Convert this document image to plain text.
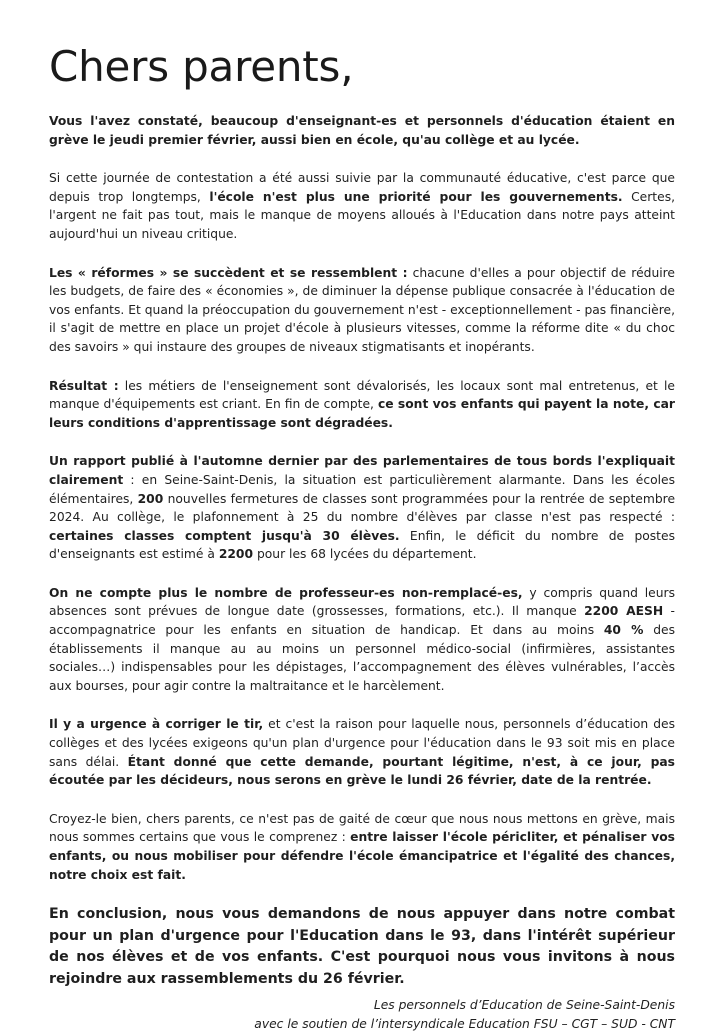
Chers parents,

Vous l'avez constaté, beaucoup d'enseignant-es et personnels d'éducation étaient en grève le jeudi premier février, aussi bien en école, qu'au collège et au lycée.

Si cette journée de contestation a été aussi suivie par la communauté éducative, c'est parce que depuis trop longtemps, l'école n'est plus une priorité pour les gouvernements. Certes, l'argent ne fait pas tout, mais le manque de moyens alloués à l'Education dans notre pays atteint aujourd'hui un niveau critique.

Les « réformes » se succèdent et se ressemblent : chacune d'elles a pour objectif de réduire les budgets, de faire des « économies », de diminuer la dépense publique consacrée à l'éducation de vos enfants. Et quand la préoccupation du gouvernement n'est - exceptionnellement - pas financière, il s'agit de mettre en place un projet d'école à plusieurs vitesses, comme la réforme dite « du choc des savoirs » qui instaure des groupes de niveaux stigmatisants et inopérants.

Résultat : les métiers de l'enseignement sont dévalorisés, les locaux sont mal entretenus, et le manque d'équipements est criant. En fin de compte, ce sont vos enfants qui payent la note, car leurs conditions d'apprentissage sont dégradées.

Un rapport publié à l'automne dernier par des parlementaires de tous bords l'expliquait clairement : en Seine-Saint-Denis, la situation est particulièrement alarmante. Dans les écoles élémentaires, 200 nouvelles fermetures de classes sont programmées pour la rentrée de septembre 2024. Au collège, le plafonnement à 25 du nombre d'élèves par classe n'est pas respecté : certaines classes comptent jusqu'à 30 élèves. Enfin, le déficit du nombre de postes d'enseignants est estimé à 2200 pour les 68 lycées du département.

On ne compte plus le nombre de professeur-es non-remplacé-es, y compris quand leurs absences sont prévues de longue date (grossesses, formations, etc.). Il manque 2200 AESH - accompagnatrice pour les enfants en situation de handicap. Et dans au moins 40 % des établissements il manque au au moins un personnel médico-social (infirmières, assistantes sociales…) indispensables pour les dépistages, l’accompagnement des élèves vulnérables, l’accès aux bourses, pour agir contre la maltraitance et le harcèlement.

Il y a urgence à corriger le tir, et c'est la raison pour laquelle nous, personnels d’éducation des collèges et des lycées exigeons qu'un plan d'urgence pour l'éducation dans le 93 soit mis en place sans délai. Étant donné que cette demande, pourtant légitime, n'est, à ce jour, pas écoutée par les décideurs, nous serons en grève le lundi 26 février, date de la rentrée.

Croyez-le bien, chers parents, ce n'est pas de gaité de cœur que nous nous mettons en grève, mais nous sommes certains que vous le comprenez : entre laisser l'école péricliter, et pénaliser vos enfants, ou nous mobiliser pour défendre l'école émancipatrice et l'égalité des chances, notre choix est fait.

En conclusion, nous vous demandons de nous appuyer dans notre combat pour un plan d'urgence pour l'Education dans le 93, dans l'intérêt supérieur de nos élèves et de vos enfants. C'est pourquoi nous vous invitons à nous rejoindre aux rassemblements du 26 février.

Les personnels d’Education de Seine-Saint-Denis
avec le soutien de l’intersyndicale Education FSU – CGT – SUD - CNT
